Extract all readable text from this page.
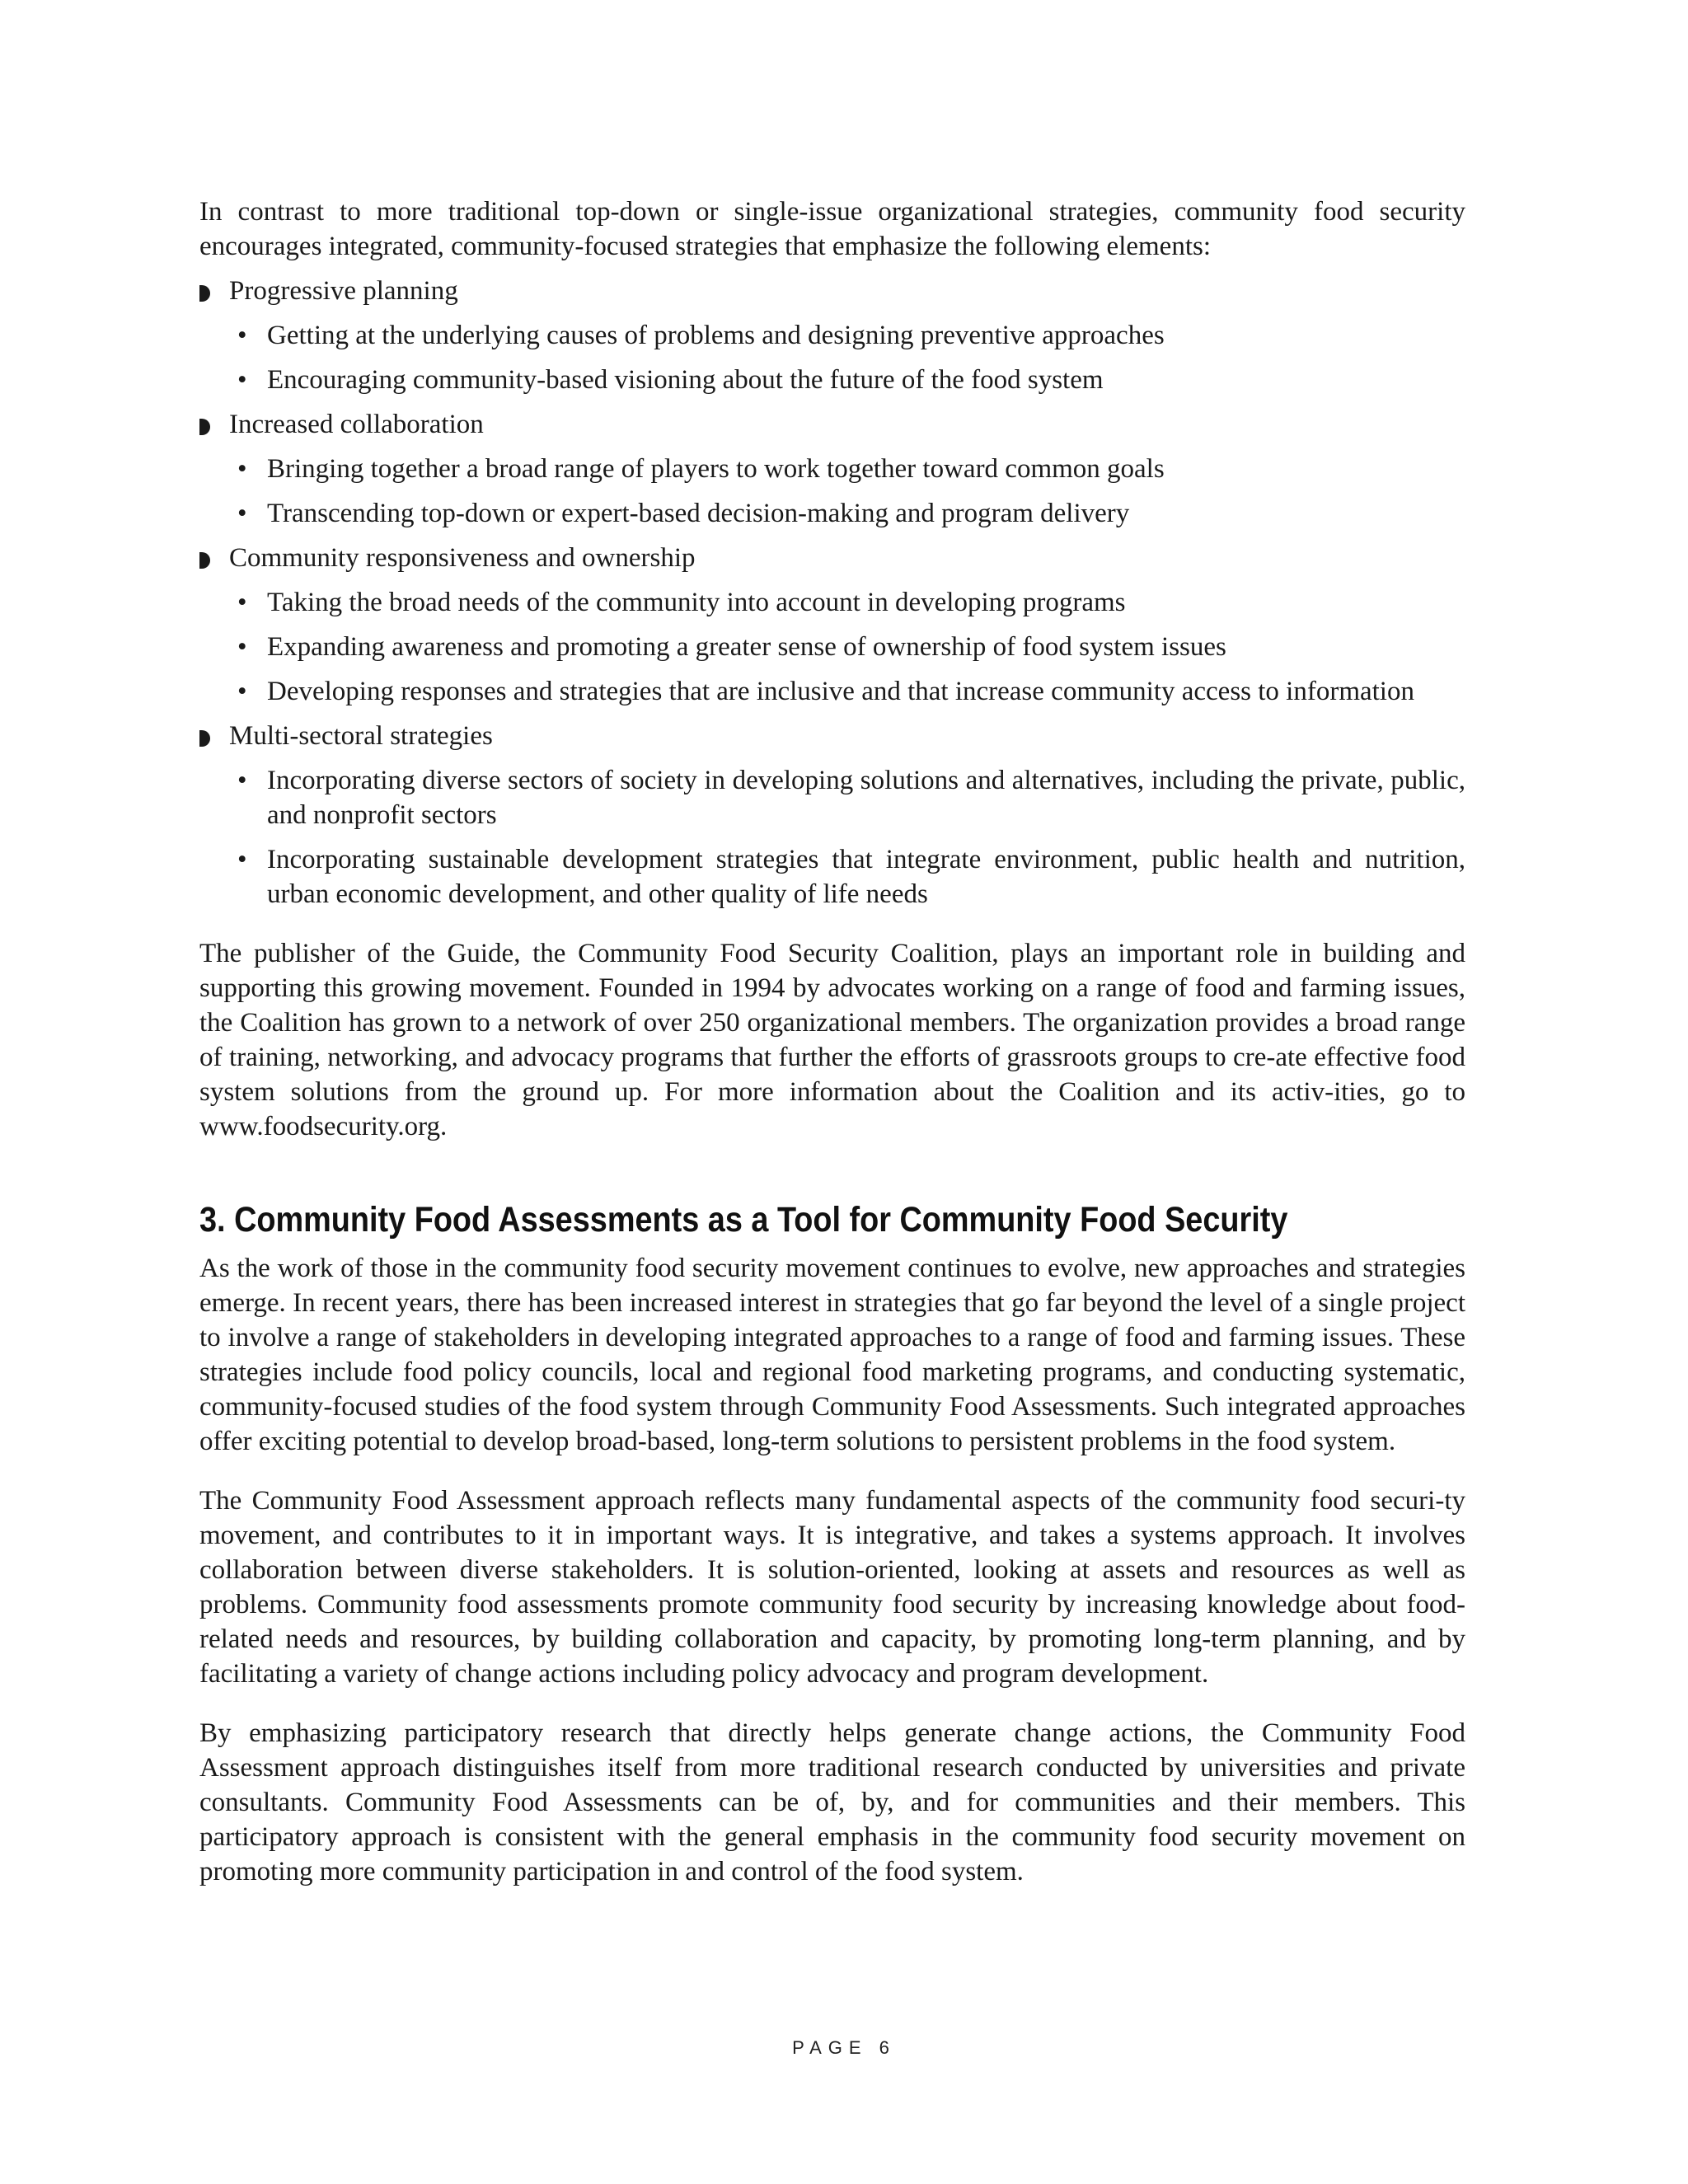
In contrast to more traditional top-down or single-issue organizational strategies, community food security encourages integrated, community-focused strategies that emphasize the following elements:

Progressive planning
• Getting at the underlying causes of problems and designing preventive approaches
• Encouraging community-based visioning about the future of the food system
Increased collaboration
• Bringing together a broad range of players to work together toward common goals
• Transcending top-down or expert-based decision-making and program delivery
Community responsiveness and ownership
• Taking the broad needs of the community into account in developing programs
• Expanding awareness and promoting a greater sense of ownership of food system issues
• Developing responses and strategies that are inclusive and that increase community access to information
Multi-sectoral strategies
• Incorporating diverse sectors of society in developing solutions and alternatives, including the private, public, and nonprofit sectors
• Incorporating sustainable development strategies that integrate environment, public health and nutrition, urban economic development, and other quality of life needs

The publisher of the Guide, the Community Food Security Coalition, plays an important role in building and supporting this growing movement. Founded in 1994 by advocates working on a range of food and farming issues, the Coalition has grown to a network of over 250 organizational members. The organization provides a broad range of training, networking, and advocacy programs that further the efforts of grassroots groups to cre-ate effective food system solutions from the ground up. For more information about the Coalition and its activ-ities, go to www.foodsecurity.org.

3. Community Food Assessments as a Tool for Community Food Security

As the work of those in the community food security movement continues to evolve, new approaches and strategies emerge. In recent years, there has been increased interest in strategies that go far beyond the level of a single project to involve a range of stakeholders in developing integrated approaches to a range of food and farming issues. These strategies include food policy councils, local and regional food marketing programs, and conducting systematic, community-focused studies of the food system through Community Food Assessments. Such integrated approaches offer exciting potential to develop broad-based, long-term solutions to persistent problems in the food system.

The Community Food Assessment approach reflects many fundamental aspects of the community food securi-ty movement, and contributes to it in important ways. It is integrative, and takes a systems approach. It involves collaboration between diverse stakeholders. It is solution-oriented, looking at assets and resources as well as problems. Community food assessments promote community food security by increasing knowledge about food-related needs and resources, by building collaboration and capacity, by promoting long-term planning, and by facilitating a variety of change actions including policy advocacy and program development.

By emphasizing participatory research that directly helps generate change actions, the Community Food Assessment approach distinguishes itself from more traditional research conducted by universities and private consultants. Community Food Assessments can be of, by, and for communities and their members. This participatory approach is consistent with the general emphasis in the community food security movement on promoting more community participation in and control of the food system.

PAGE 6
